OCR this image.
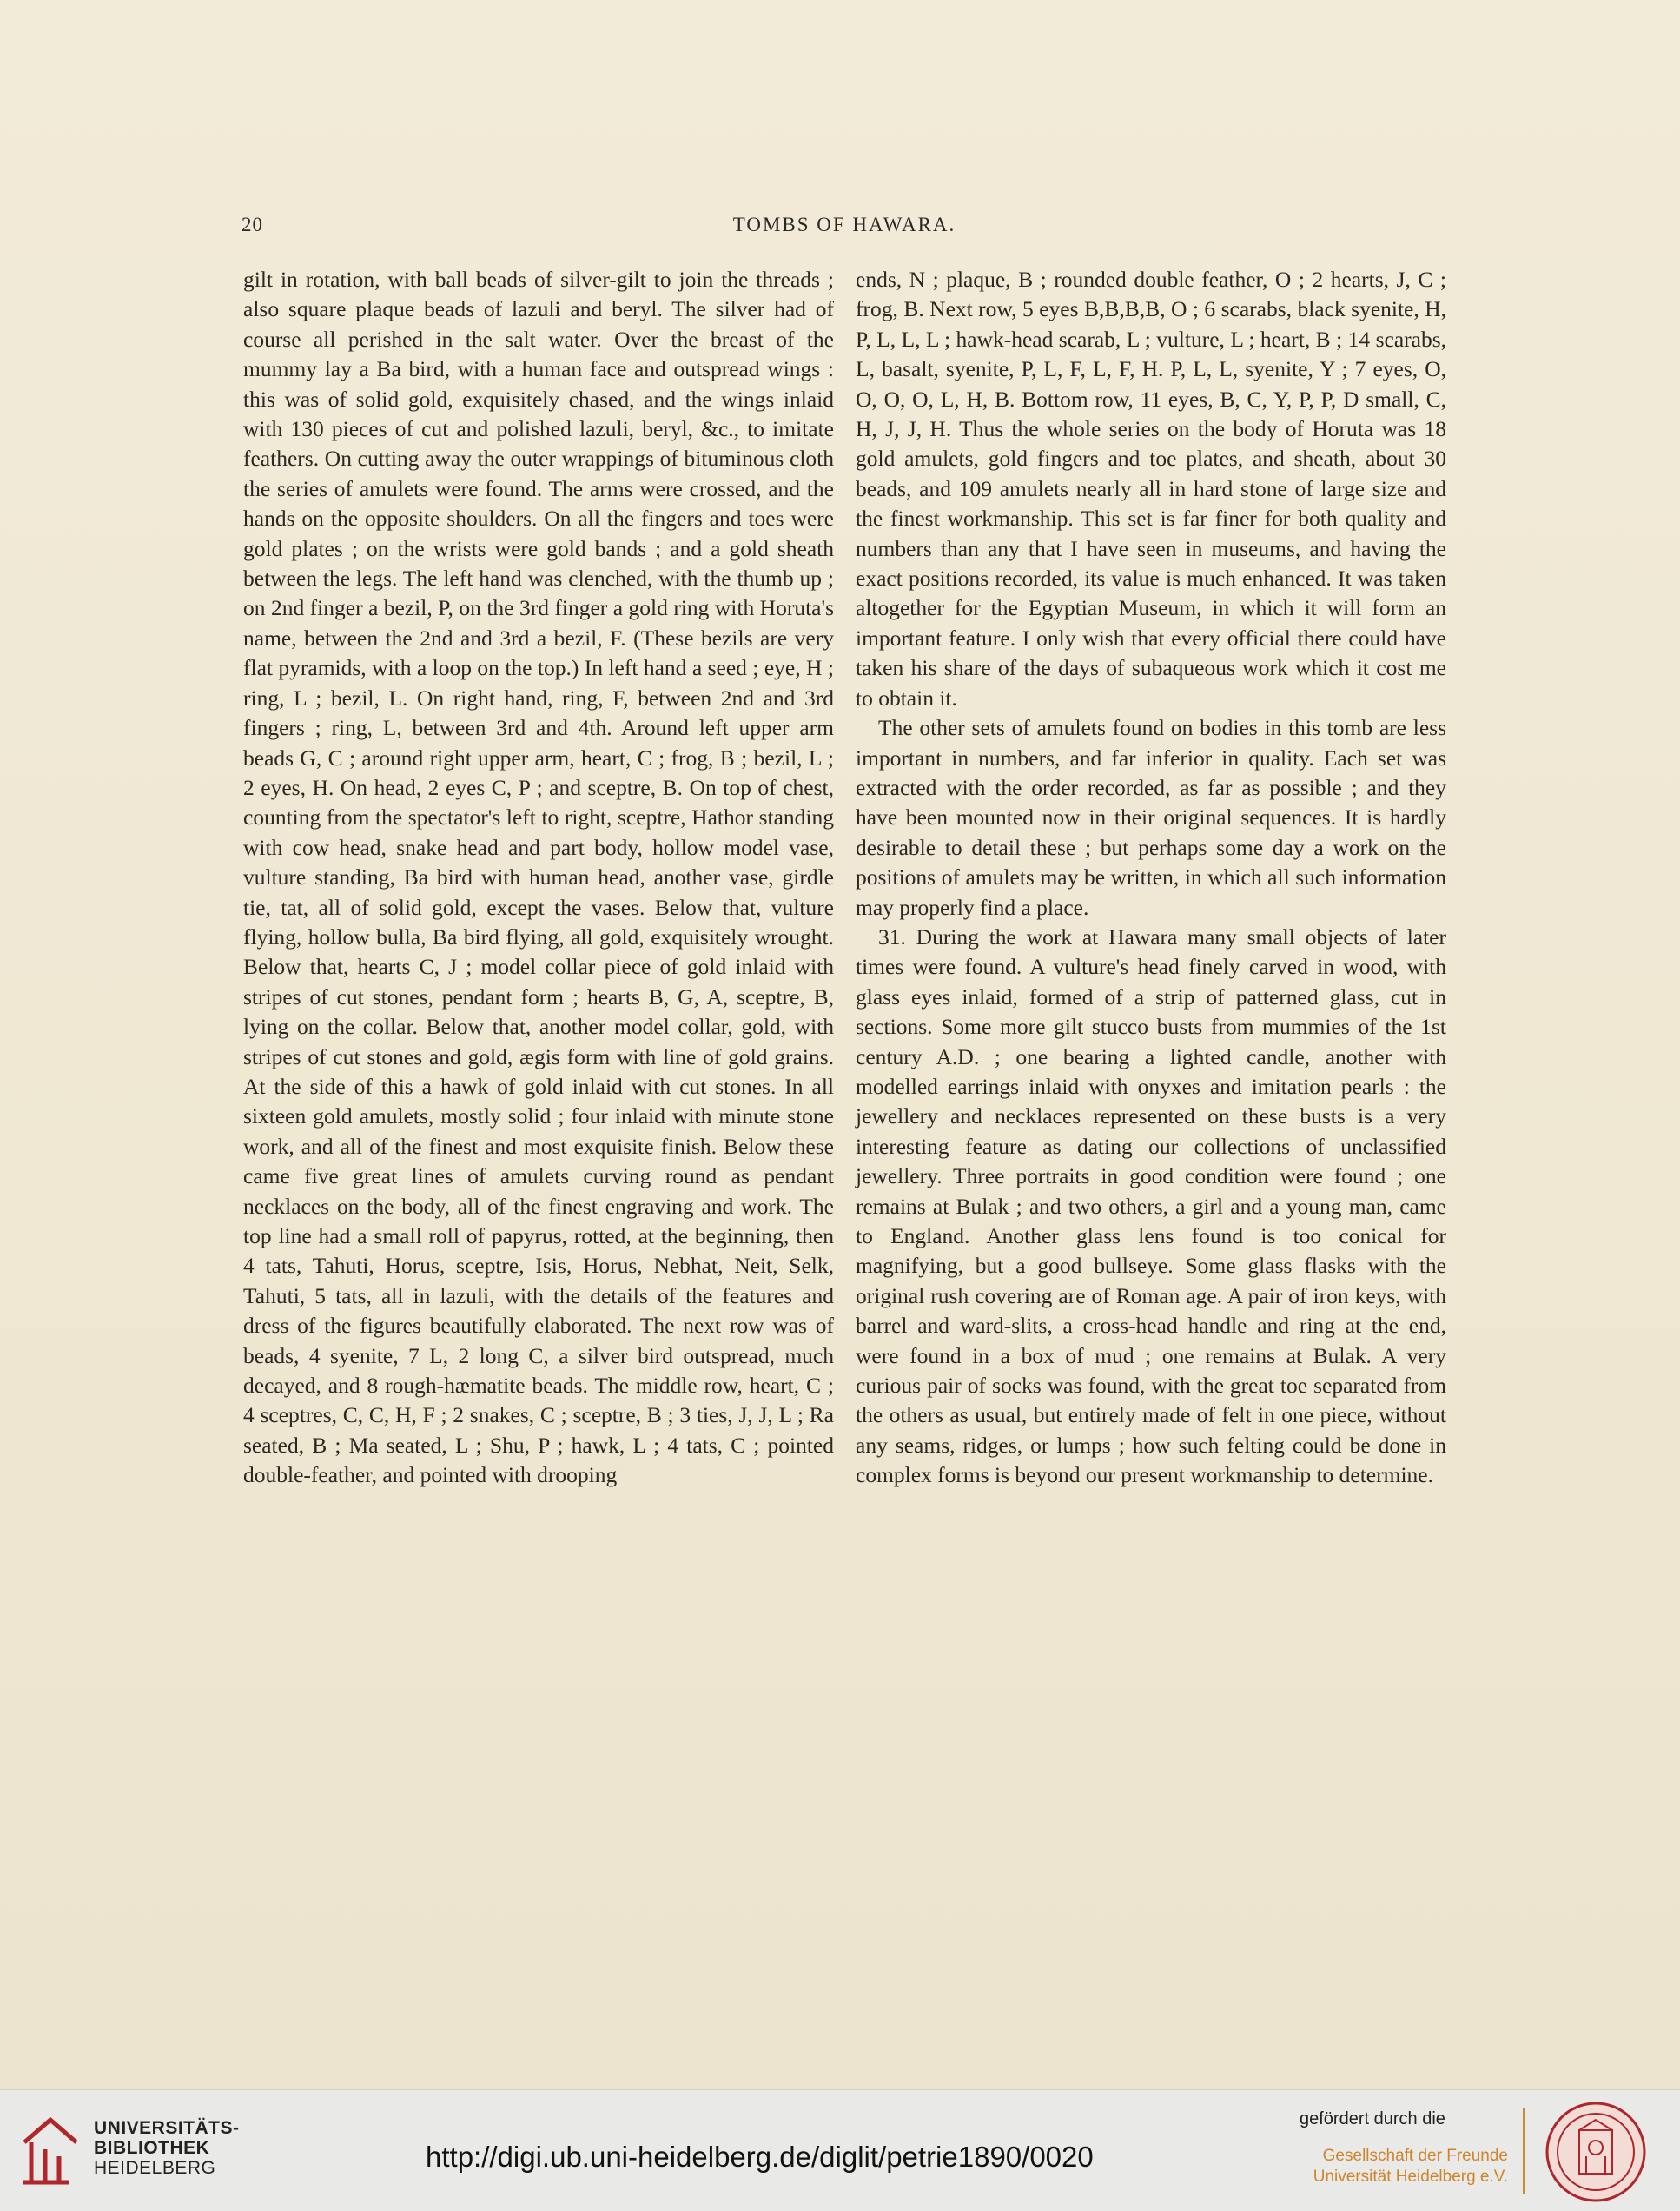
20	TOMBS OF HAWARA.

gilt in rotation, with ball beads of silver-gilt to join the threads ; also square plaque beads of lazuli and beryl. The silver had of course all perished in the salt water. Over the breast of the mummy lay a Ba bird, with a human face and outspread wings : this was of solid gold, exquisitely chased, and the wings inlaid with 130 pieces of cut and polished lazuli, beryl, &c., to imitate feathers. On cutting away the outer wrappings of bituminous cloth the series of amulets were found. The arms were crossed, and the hands on the opposite shoulders. On all the fingers and toes were gold plates ; on the wrists were gold bands ; and a gold sheath between the legs. The left hand was clenched, with the thumb up ; on 2nd finger a bezil, P, on the 3rd finger a gold ring with Horuta's name, between the 2nd and 3rd a bezil, F. (These bezils are very flat pyramids, with a loop on the top.) In left hand a seed ; eye, H ; ring, L ; bezil, L. On right hand, ring, F, between 2nd and 3rd fingers ; ring, L, between 3rd and 4th. Around left upper arm beads G, C ; around right upper arm, heart, C ; frog, B ; bezil, L ; 2 eyes, H. On head, 2 eyes C, P ; and sceptre, B. On top of chest, counting from the spectator's left to right, sceptre, Hathor standing with cow head, snake head and part body, hollow model vase, vulture standing, Ba bird with human head, another vase, girdle tie, tat, all of solid gold, except the vases. Below that, vulture flying, hollow bulla, Ba bird flying, all gold, exquisitely wrought. Below that, hearts C, J ; model collar piece of gold inlaid with stripes of cut stones, pendant form ; hearts B, G, A, sceptre, B, lying on the collar. Below that, another model collar, gold, with stripes of cut stones and gold, ægis form with line of gold grains. At the side of this a hawk of gold inlaid with cut stones. In all sixteen gold amulets, mostly solid ; four inlaid with minute stone work, and all of the finest and most exquisite finish. Below these came five great lines of amulets curving round as pendant necklaces on the body, all of the finest engraving and work. The top line had a small roll of papyrus, rotted, at the beginning, then 4 tats, Tahuti, Horus, sceptre, Isis, Horus, Nebhat, Neit, Selk, Tahuti, 5 tats, all in lazuli, with the details of the features and dress of the figures beautifully elaborated. The next row was of beads, 4 syenite, 7 L, 2 long C, a silver bird outspread, much decayed, and 8 rough-hæmatite beads. The middle row, heart, C ; 4 sceptres, C, C, H, F ; 2 snakes, C ; sceptre, B ; 3 ties, J, J, L ; Ra seated, B ; Ma seated, L ; Shu, P ; hawk, L ; 4 tats, C ; pointed double-feather, and pointed with drooping

ends, N ; plaque, B ; rounded double feather, O ; 2 hearts, J, C ; frog, B. Next row, 5 eyes B,B,B,B, O ; 6 scarabs, black syenite, H, P, L, L, L ; hawk-head scarab, L ; vulture, L ; heart, B ; 14 scarabs, L, basalt, syenite, P, L, F, L, F, H. P, L, L, syenite, Y ; 7 eyes, O, O, O, O, L, H, B. Bottom row, 11 eyes, B, C, Y, P, P, D small, C, H, J, J, H. Thus the whole series on the body of Horuta was 18 gold amulets, gold fingers and toe plates, and sheath, about 30 beads, and 109 amulets nearly all in hard stone of large size and the finest workmanship. This set is far finer for both quality and numbers than any that I have seen in museums, and having the exact positions recorded, its value is much enhanced. It was taken altogether for the Egyptian Museum, in which it will form an important feature. I only wish that every official there could have taken his share of the days of subaqueous work which it cost me to obtain it.

The other sets of amulets found on bodies in this tomb are less important in numbers, and far inferior in quality. Each set was extracted with the order recorded, as far as possible ; and they have been mounted now in their original sequences. It is hardly desirable to detail these ; but perhaps some day a work on the positions of amulets may be written, in which all such information may properly find a place.

31. During the work at Hawara many small objects of later times were found. A vulture's head finely carved in wood, with glass eyes inlaid, formed of a strip of patterned glass, cut in sections. Some more gilt stucco busts from mummies of the 1st century A.D. ; one bearing a lighted candle, another with modelled earrings inlaid with onyxes and imitation pearls : the jewellery and necklaces represented on these busts is a very interesting feature as dating our collections of unclassified jewellery. Three portraits in good condition were found ; one remains at Bulak ; and two others, a girl and a young man, came to England. Another glass lens found is too conical for magnifying, but a good bullseye. Some glass flasks with the original rush covering are of Roman age. A pair of iron keys, with barrel and ward-slits, a cross-head handle and ring at the end, were found in a box of mud ; one remains at Bulak. A very curious pair of socks was found, with the great toe separated from the others as usual, but entirely made of felt in one piece, without any seams, ridges, or lumps ; how such felting could be done in complex forms is beyond our present workmanship to determine.

UNIVERSITÄTS-
BIBLIOTHEK
HEIDELBERG	http://digi.ub.uni-heidelberg.de/diglit/petrie1890/0020
gefördert durch die
Gesellschaft der Freunde
Universität Heidelberg e.V.
